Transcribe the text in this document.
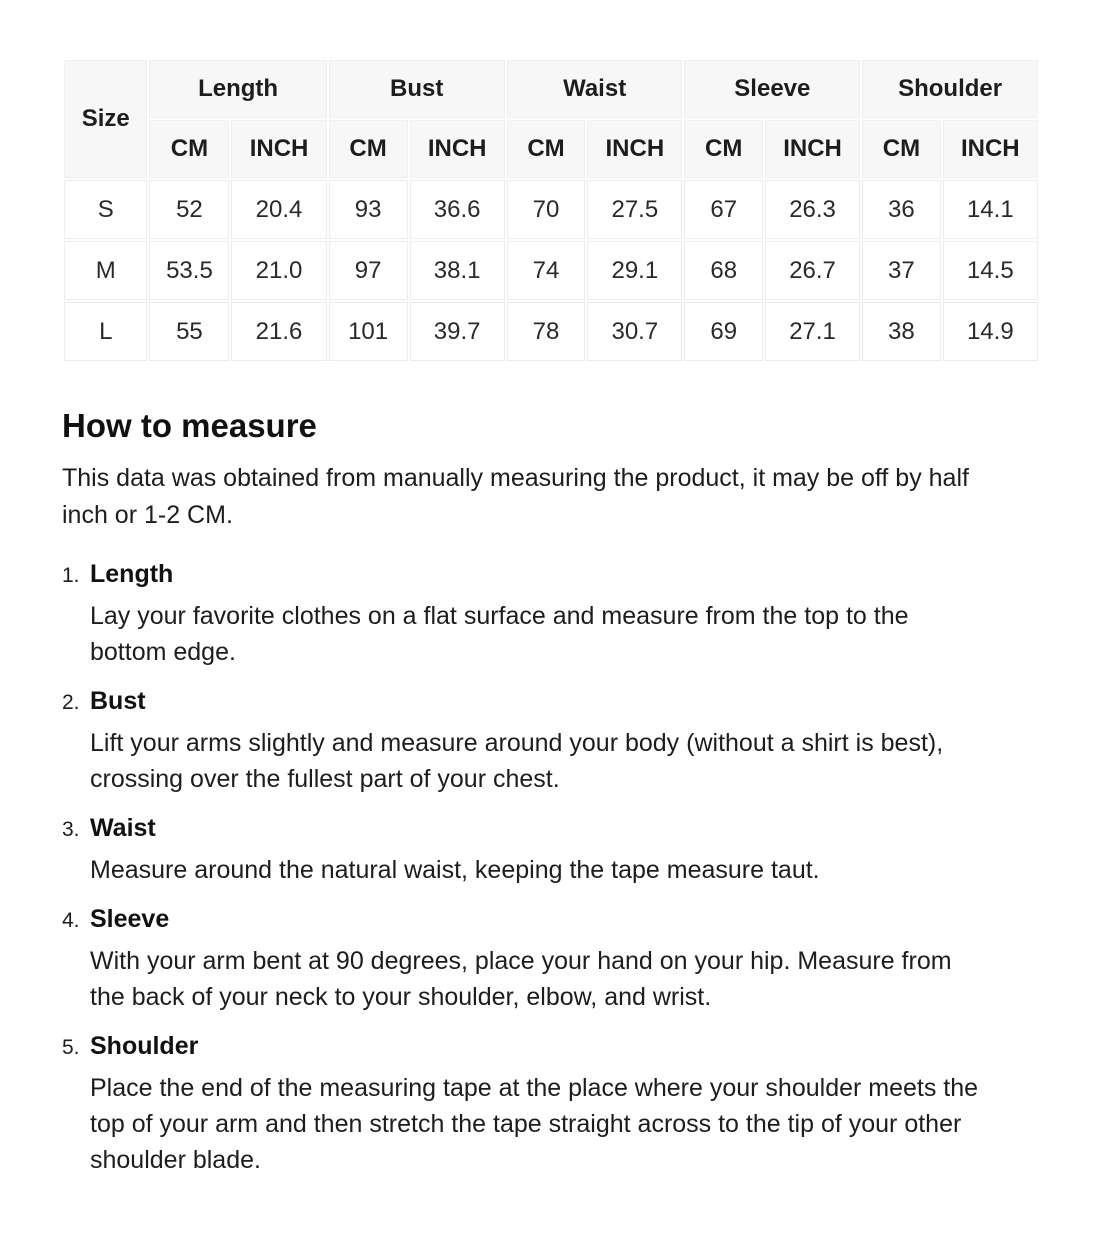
Size	Length		Bust		Waist		Sleeve		Shoulder	
	CM	INCH	CM	INCH	CM	INCH	CM	INCH	CM	INCH
S	52	20.4	93	36.6	70	27.5	67	26.3	36	14.1
M	53.5	21.0	97	38.1	74	29.1	68	26.7	37	14.5
L	55	21.6	101	39.7	78	30.7	69	27.1	38	14.9
How to measure

This data was obtained from manually measuring the product, it may be off by half inch or 1-2 CM.

1. Length

Lay your favorite clothes on a flat surface and measure from the top to the bottom edge.

2. Bust

Lift your arms slightly and measure around your body (without a shirt is best), crossing over the fullest part of your chest.

3. Waist

Measure around the natural waist, keeping the tape measure taut.

4. Sleeve

With your arm bent at 90 degrees, place your hand on your hip. Measure from the back of your neck to your shoulder, elbow, and wrist.

5. Shoulder

Place the end of the measuring tape at the place where your shoulder meets the top of your arm and then stretch the tape straight across to the tip of your other shoulder blade.
